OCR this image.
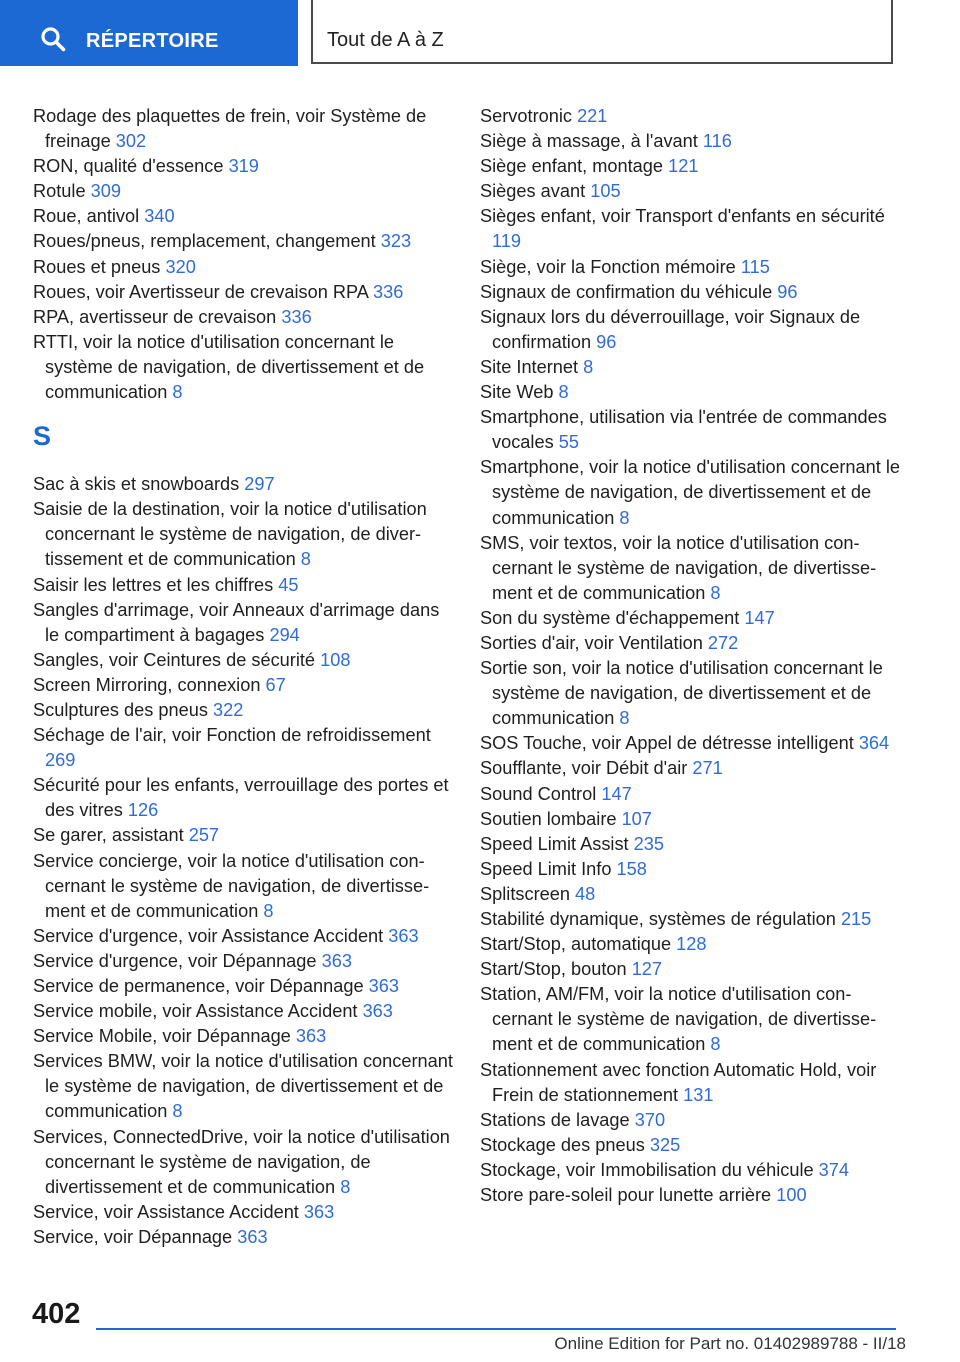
RÉPERTOIRE	Tout de A à Z
Rodage des plaquettes de frein, voir Système de freinage 302
RON, qualité d'essence 319
Rotule 309
Roue, antivol 340
Roues/pneus, remplacement, changement 323
Roues et pneus 320
Roues, voir Avertisseur de crevaison RPA 336
RPA, avertisseur de crevaison 336
RTTI, voir la notice d'utilisation concernant le système de navigation, de divertissement et de communication 8
S
Sac à skis et snowboards 297
Saisie de la destination, voir la notice d'utilisation concernant le système de navigation, de divertissement et de communication 8
Saisir les lettres et les chiffres 45
Sangles d'arrimage, voir Anneaux d'arrimage dans le compartiment à bagages 294
Sangles, voir Ceintures de sécurité 108
Screen Mirroring, connexion 67
Sculptures des pneus 322
Séchage de l'air, voir Fonction de refroidissement 269
Sécurité pour les enfants, verrouillage des portes et des vitres 126
Se garer, assistant 257
Service concierge, voir la notice d'utilisation concernant le système de navigation, de divertissement et de communication 8
Service d'urgence, voir Assistance Accident 363
Service d'urgence, voir Dépannage 363
Service de permanence, voir Dépannage 363
Service mobile, voir Assistance Accident 363
Service Mobile, voir Dépannage 363
Services BMW, voir la notice d'utilisation concernant le système de navigation, de divertissement et de communication 8
Services, ConnectedDrive, voir la notice d'utilisation concernant le système de navigation, de divertissement et de communication 8
Service, voir Assistance Accident 363
Service, voir Dépannage 363
Servotronic 221
Siège à massage, à l'avant 116
Siège enfant, montage 121
Sièges avant 105
Sièges enfant, voir Transport d'enfants en sécurité 119
Siège, voir la Fonction mémoire 115
Signaux de confirmation du véhicule 96
Signaux lors du déverrouillage, voir Signaux de confirmation 96
Site Internet 8
Site Web 8
Smartphone, utilisation via l'entrée de commandes vocales 55
Smartphone, voir la notice d'utilisation concernant le système de navigation, de divertissement et de communication 8
SMS, voir textos, voir la notice d'utilisation concernant le système de navigation, de divertissement et de communication 8
Son du système d'échappement 147
Sorties d'air, voir Ventilation 272
Sortie son, voir la notice d'utilisation concernant le système de navigation, de divertissement et de communication 8
SOS Touche, voir Appel de détresse intelligent 364
Soufflante, voir Débit d'air 271
Sound Control 147
Soutien lombaire 107
Speed Limit Assist 235
Speed Limit Info 158
Splitscreen 48
Stabilité dynamique, systèmes de régulation 215
Start/Stop, automatique 128
Start/Stop, bouton 127
Station, AM/FM, voir la notice d'utilisation concernant le système de navigation, de divertissement et de communication 8
Stationnement avec fonction Automatic Hold, voir Frein de stationnement 131
Stations de lavage 370
Stockage des pneus 325
Stockage, voir Immobilisation du véhicule 374
Store pare-soleil pour lunette arrière 100
402
Online Edition for Part no. 01402989788 - II/18
